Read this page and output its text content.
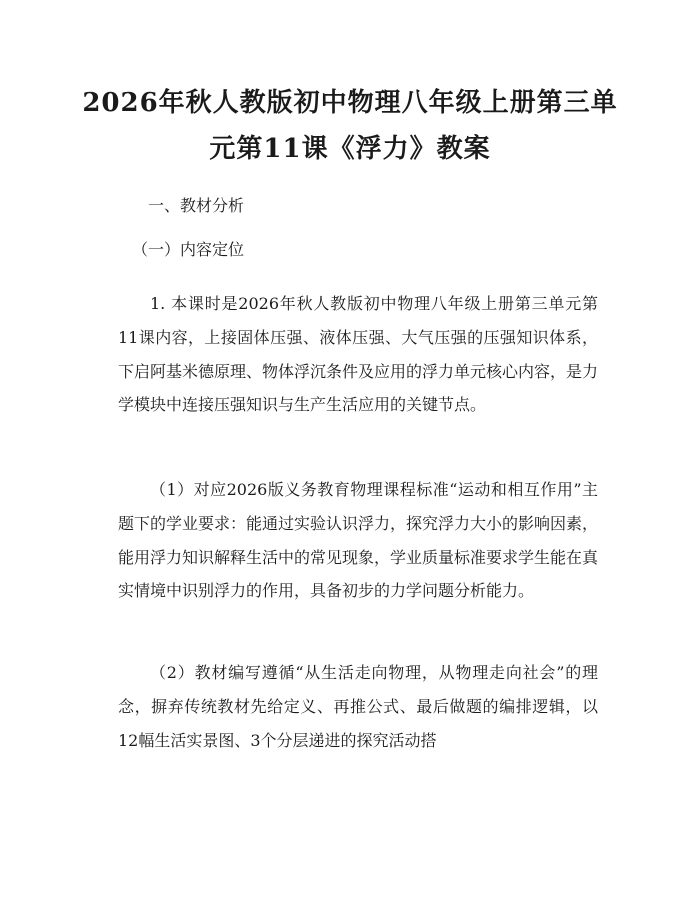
2026年秋人教版初中物理八年级上册第三单
元第11课《浮力》教案
一、教材分析
（一）内容定位
1. 本课时是2026年秋人教版初中物理八年级上册第三单元第11课内容，上接固体压强、液体压强、大气压强的压强知识体系，下启阿基米德原理、物体浮沉条件及应用的浮力单元核心内容，是力学模块中连接压强知识与生产生活应用的关键节点。
（1）对应2026版义务教育物理课程标准“运动和相互作用”主题下的学业要求：能通过实验认识浮力，探究浮力大小的影响因素，能用浮力知识解释生活中的常见现象，学业质量标准要求学生能在真实情境中识别浮力的作用，具备初步的力学问题分析能力。
（2）教材编写遵循“从生活走向物理，从物理走向社会”的理念，摒弃传统教材先给定义、再推公式、最后做题的编排逻辑，以12幅生活实景图、3个分层递进的探究活动搭
